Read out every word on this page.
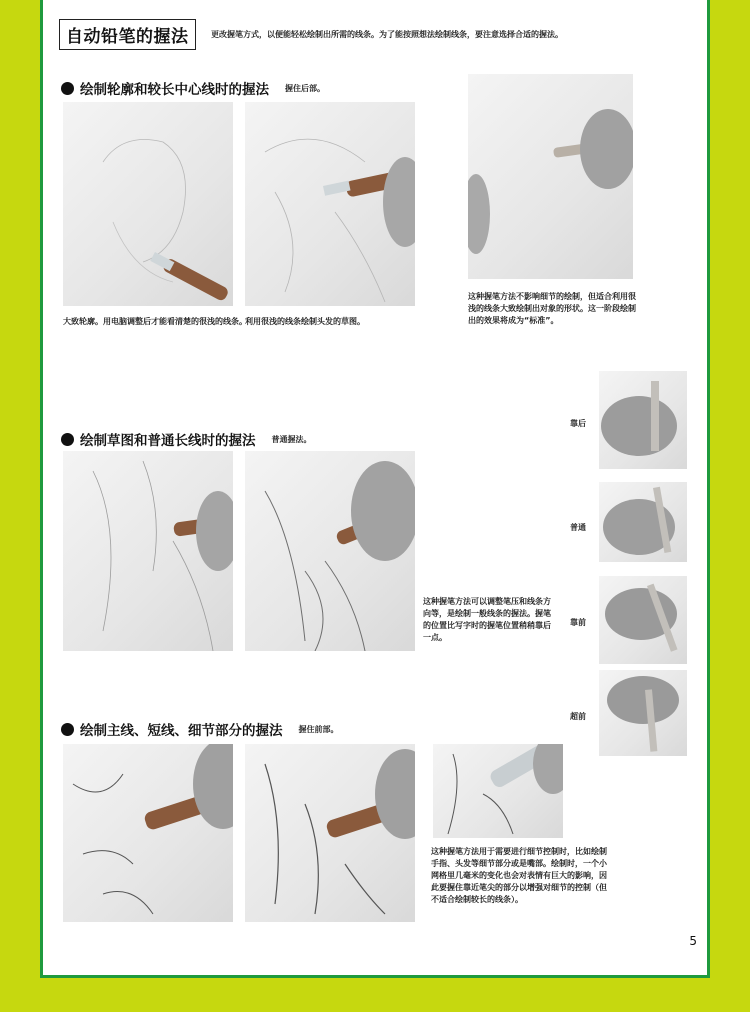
自动铅笔的握法	更改握笔方式，以便能轻松绘制出所需的线条。为了能按照想法绘制线条，要注意选择合适的握法。
绘制轮廓和较长中心线时的握法 握住后部。
大致轮廓。用电脑调整后才能看清楚的很浅的线条。
利用很浅的线条绘制头发的草图。
这种握笔方法不影响细节的绘制，但适合利用很浅的线条大致绘制出对象的形状。这一阶段绘制出的效果将成为“标准”。
靠后
普通
靠前
超前
绘制草图和普通长线时的握法 普通握法。
这种握笔方法可以调整笔压和线条方向等，是绘制一般线条的握法。握笔的位置比写字时的握笔位置稍稍靠后一点。
绘制主线、短线、细节部分的握法 握住前部。
这种握笔方法用于需要进行细节控制时，比如绘制手指、头发等细节部分或是嘴部。绘制时，一个小网格里几毫米的变化也会对表情有巨大的影响，因此要握住靠近笔尖的部分以增强对细节的控制（但不适合绘制较长的线条）。
5
